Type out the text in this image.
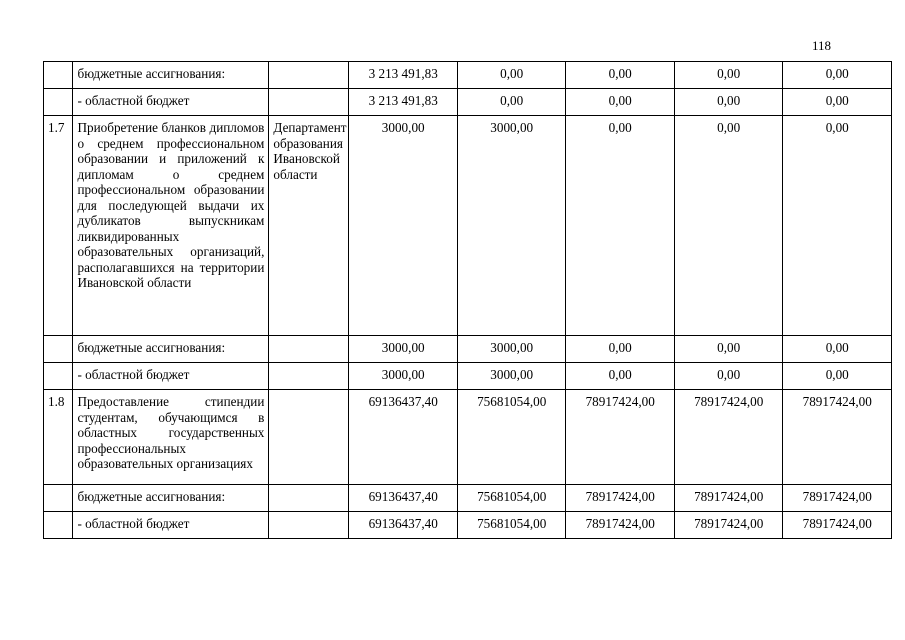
118
	бюджетные ассигнования:		3 213 491,83	0,00	0,00	0,00	0,00
	- областной бюджет		3 213 491,83	0,00	0,00	0,00	0,00
1.7	Приобретение бланков дипломов о среднем профессиональном образовании и приложений к дипломам о среднем профессиональном образовании для последующей выдачи их дубликатов выпускникам ликвидированных образовательных организаций, располагавшихся на территории Ивановской области	Департамент образования Ивановской области	3000,00	3000,00	0,00	0,00	0,00
	бюджетные ассигнования:		3000,00	3000,00	0,00	0,00	0,00
	- областной бюджет		3000,00	3000,00	0,00	0,00	0,00
1.8	Предоставление стипендии студентам, обучающимся в областных государственных профессиональных образовательных организациях		69136437,40	75681054,00	78917424,00	78917424,00	78917424,00
	бюджетные ассигнования:		69136437,40	75681054,00	78917424,00	78917424,00	78917424,00
	- областной бюджет		69136437,40	75681054,00	78917424,00	78917424,00	78917424,00
